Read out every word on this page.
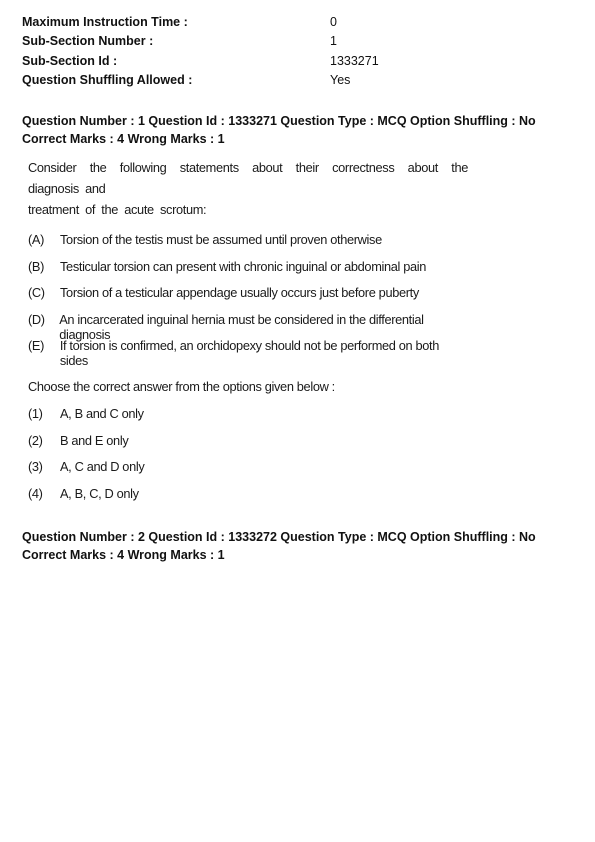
Maximum Instruction Time :	0
Sub-Section Number :	1
Sub-Section Id :	1333271
Question Shuffling Allowed :	Yes
Question Number : 1 Question Id : 1333271 Question Type : MCQ Option Shuffling : No
Correct Marks : 4 Wrong Marks : 1
Consider the following statements about their correctness about the diagnosis and
treatment of the acute scrotum:
(A)	Torsion of the testis must be assumed until proven otherwise
(B)	Testicular torsion can present with chronic inguinal or abdominal pain
(C)	Torsion of a testicular appendage usually occurs just before puberty
(D)	An incarcerated inguinal hernia must be considered in the differential diagnosis
(E)	If torsion is confirmed, an orchidopexy should not be performed on both sides
Choose the correct answer from the options given below :
(1)	A, B and C only
(2)	B and E only
(3)	A, C and D only
(4)	A, B, C, D only
Question Number : 2 Question Id : 1333272 Question Type : MCQ Option Shuffling : No
Correct Marks : 4 Wrong Marks : 1
